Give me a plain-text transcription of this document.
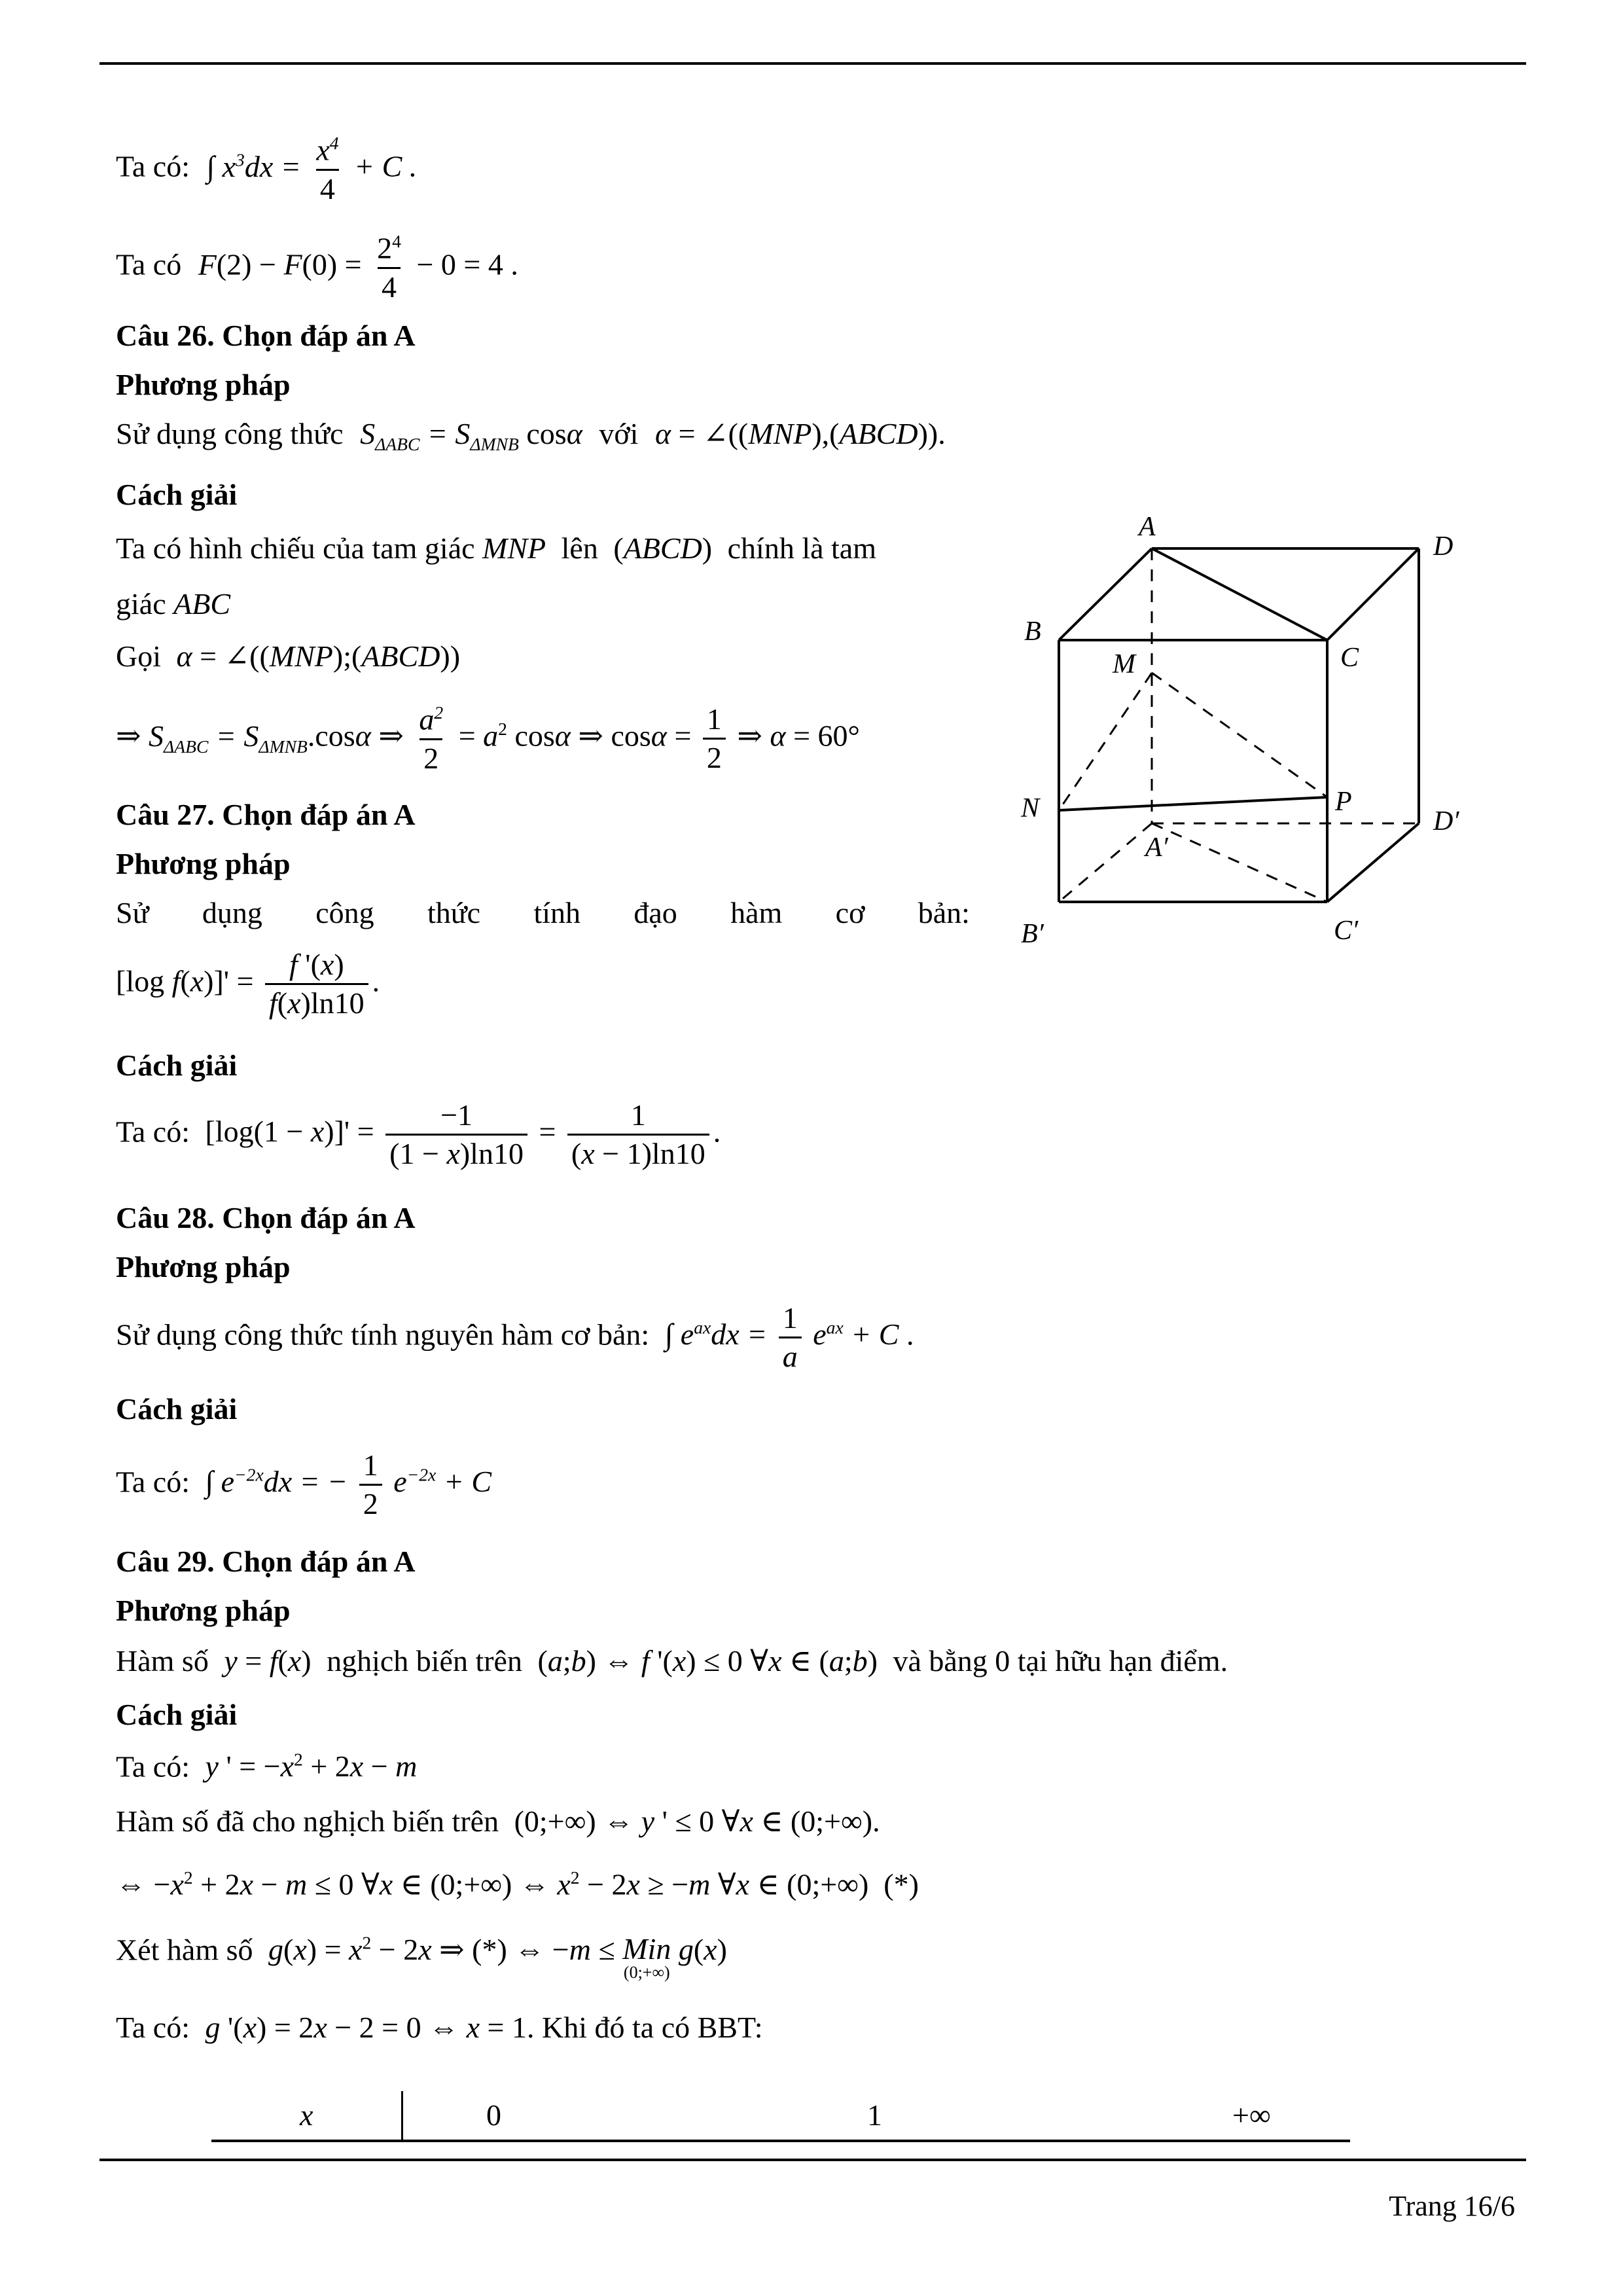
Ta có: ∫ $x^3dx = \frac{x^4}{4} + C$ .
Ta có $F(2) - F(0) = \frac{2^4}{4} - 0 = 4$ .
Câu 26. Chọn đáp án A
Phương pháp
Sử dụng công thức $S_{\Delta ABC} = S_{\Delta MNB}$ cosα với α = ∠((MNP),(ABCD)).
Cách giải
Ta có hình chiếu của tam giác MNP lên (ABCD) chính là tam
giác ABC
Gọi α = ∠((MNP);(ABCD))
⇒ $S_{\Delta ABC} = S_{\Delta MNB}.\cos\alpha$ ⇒ $\frac{a^2}{2} = a^2$ cosα ⇒ $\cos\alpha = \frac{1}{2}$ ⇒ α = 60°
Câu 27. Chọn đáp án A
Phương pháp
Sử dụng công thức tính đạo hàm cơ bản:
[log $f(x)]' = \frac{f '(x)}{f(x)\ln 10}$ .
Cách giải
Ta có: $[\log(1 - x)]' = \frac{-1}{(1 - x)\ln 10} = \frac{1}{(x - 1)\ln 10}$ .
Câu 28. Chọn đáp án A
Phương pháp
Sử dụng công thức tính nguyên hàm cơ bản: ∫ $e^{ax}dx = \frac{1}{a} e^{ax} + C$ .
Cách giải
Ta có: ∫ $e^{-2x}dx$ = − $\frac{1}{2} e^{-2x} + C$
Câu 29. Chọn đáp án A
Phương pháp
Hàm số y = f(x) nghịch biến trên (a;b) ⇔ f '(x) ≤ 0 ∀x ∈ (a;b) và bằng 0 tại hữu hạn điểm.
Cách giải
Ta có: y ' = $-x^2 + 2x - m$
Hàm số đã cho nghịch biến trên (0;+∞) ⇔ y ' ≤ 0 ∀x ∈ (0;+∞).
⇔ $-x^2 + 2x - m \le 0$ ∀x ∈ (0;+∞) ⇔ $x^2 - 2x \ge -m$ ∀x ∈ (0;+∞)  (*)
Xét hàm số $g(x) = x^2 - 2x$ ⇒ (*) ⇔ −m ≤ Min
(0;+∞)
g(x)
Ta có: g '(x) = 2x − 2 = 0 ⇔ x = 1. Khi đó ta có BBT:
x	0	1	+∞
A
D
B
C
M
N	P
D′
A′
B′	C′
Trang 16/6
